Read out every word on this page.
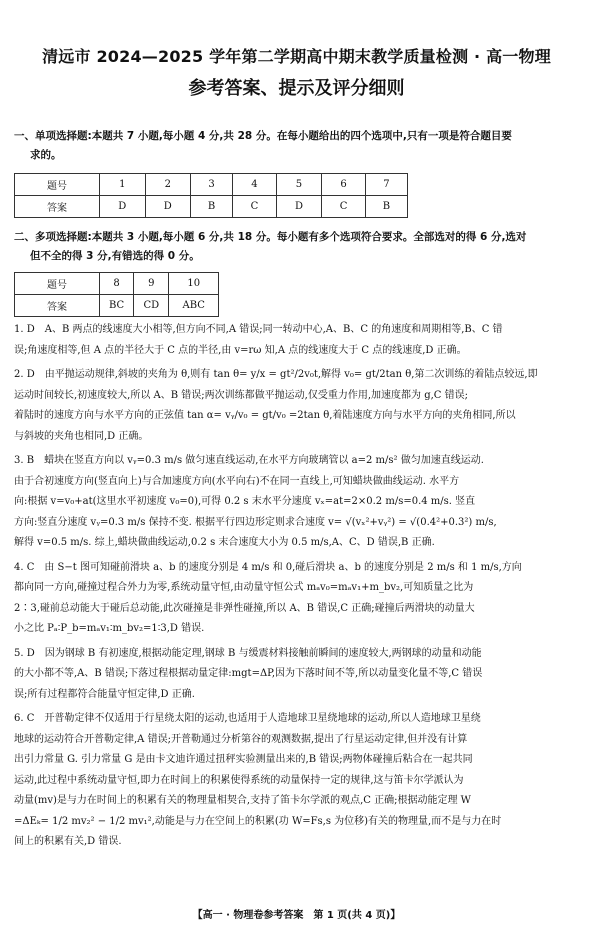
清远市 2024—2025 学年第二学期高中期末教学质量检测 · 高一物理
参考答案、提示及评分细则
一、单项选择题:本题共 7 小题,每小题 4 分,共 28 分。在每小题给出的四个选项中,只有一项是符合题目要
求的。
题号	1	2	3	4	5	6	7
答案	D	D	B	C	D	C	B
二、多项选择题:本题共 3 小题,每小题 6 分,共 18 分。每小题有多个选项符合要求。全部选对的得 6 分,选对
但不全的得 3 分,有错选的得 0 分。
题号	8	9	10
答案	BC	CD	ABC
1. D　A、B 两点的线速度大小相等,但方向不同,A 错误;同一转动中心,A、B、C 的角速度和周期相等,B、C 错
误;角速度相等,但 A 点的半径大于 C 点的半径,由 v=rω 知,A 点的线速度大于 C 点的线速度,D 正确。
2. D　由平抛运动规律,斜坡的夹角为 θ,则有 tan θ= y/x = gt²/2v₀t,解得 v₀= gt/2tan θ,第二次训练的着陆点较远,即
运动时间较长,初速度较大,所以 A、B 错误;两次训练都做平抛运动,仅受重力作用,加速度都为 g,C 错误;
着陆时的速度方向与水平方向的正弦值 tan α= vᵧ/v₀ = gt/v₀ =2tan θ,着陆速度方向与水平方向的夹角相同,所以
与斜坡的夹角也相同,D 正确。
3. B　蜡块在竖直方向以 vᵧ=0.3 m/s 做匀速直线运动,在水平方向玻璃管以 a=2 m/s² 做匀加速直线运动.
由于合初速度方向(竖直向上)与合加速度方向(水平向右)不在同一直线上,可知蜡块做曲线运动. 水平方
向:根据 v=v₀+at(这里水平初速度 v₀=0),可得 0.2 s 末水平分速度 vₓ=at=2×0.2 m/s=0.4 m/s. 竖直
方向:竖直分速度 vᵧ=0.3 m/s 保持不变. 根据平行四边形定则求合速度 v= √(vₓ²+vᵧ²) = √(0.4²+0.3²) m/s,
解得 v=0.5 m/s. 综上,蜡块做曲线运动,0.2 s 末合速度大小为 0.5 m/s,A、C、D 错误,B 正确.
4. C　由 S−t 图可知碰前滑块 a、b 的速度分别是 4 m/s 和 0,碰后滑块 a、b 的速度分别是 2 m/s 和 1 m/s,方向
都向同一方向,碰撞过程合外力为零,系统动量守恒,由动量守恒公式 mₐv₀=mₐv₁+m_bv₂,可知质量之比为
2∶3,碰前总动能大于碰后总动能,此次碰撞是非弹性碰撞,所以 A、B 错误,C 正确;碰撞后两滑块的动量大
小之比 Pₐ∶P_b=mₐv₁∶m_bv₂=1∶3,D 错误.
5. D　因为钢球 B 有初速度,根据动能定理,钢球 B 与缓震材料接触前瞬间的速度较大,两钢球的动量和动能
的大小都不等,A、B 错误;下落过程根据动量定律:mgt=ΔP,因为下落时间不等,所以动量变化量不等,C 错误
误;所有过程都符合能量守恒定律,D 正确.
6. C　开普勒定律不仅适用于行星绕太阳的运动,也适用于人造地球卫星绕地球的运动,所以人造地球卫星绕
地球的运动符合开普勒定律,A 错误;开普勒通过分析第谷的观测数据,提出了行星运动定律,但并没有计算
出引力常量 G. 引力常量 G 是由卡文迪许通过扭秤实验测量出来的,B 错误;两物体碰撞后粘合在一起共同
运动,此过程中系统动量守恒,即力在时间上的积累使得系统的动量保持一定的规律,这与笛卡尔学派认为
动量(mv)是与力在时间上的积累有关的物理量相契合,支持了笛卡尔学派的观点,C 正确;根据动能定理 W
=ΔEₖ= 1/2 mv₂² − 1/2 mv₁²,动能是与力在空间上的积累(功 W=Fs,s 为位移)有关的物理量,而不是与力在时
间上的积累有关,D 错误.
【高一 · 物理卷参考答案　第 1 页(共 4 页)】
